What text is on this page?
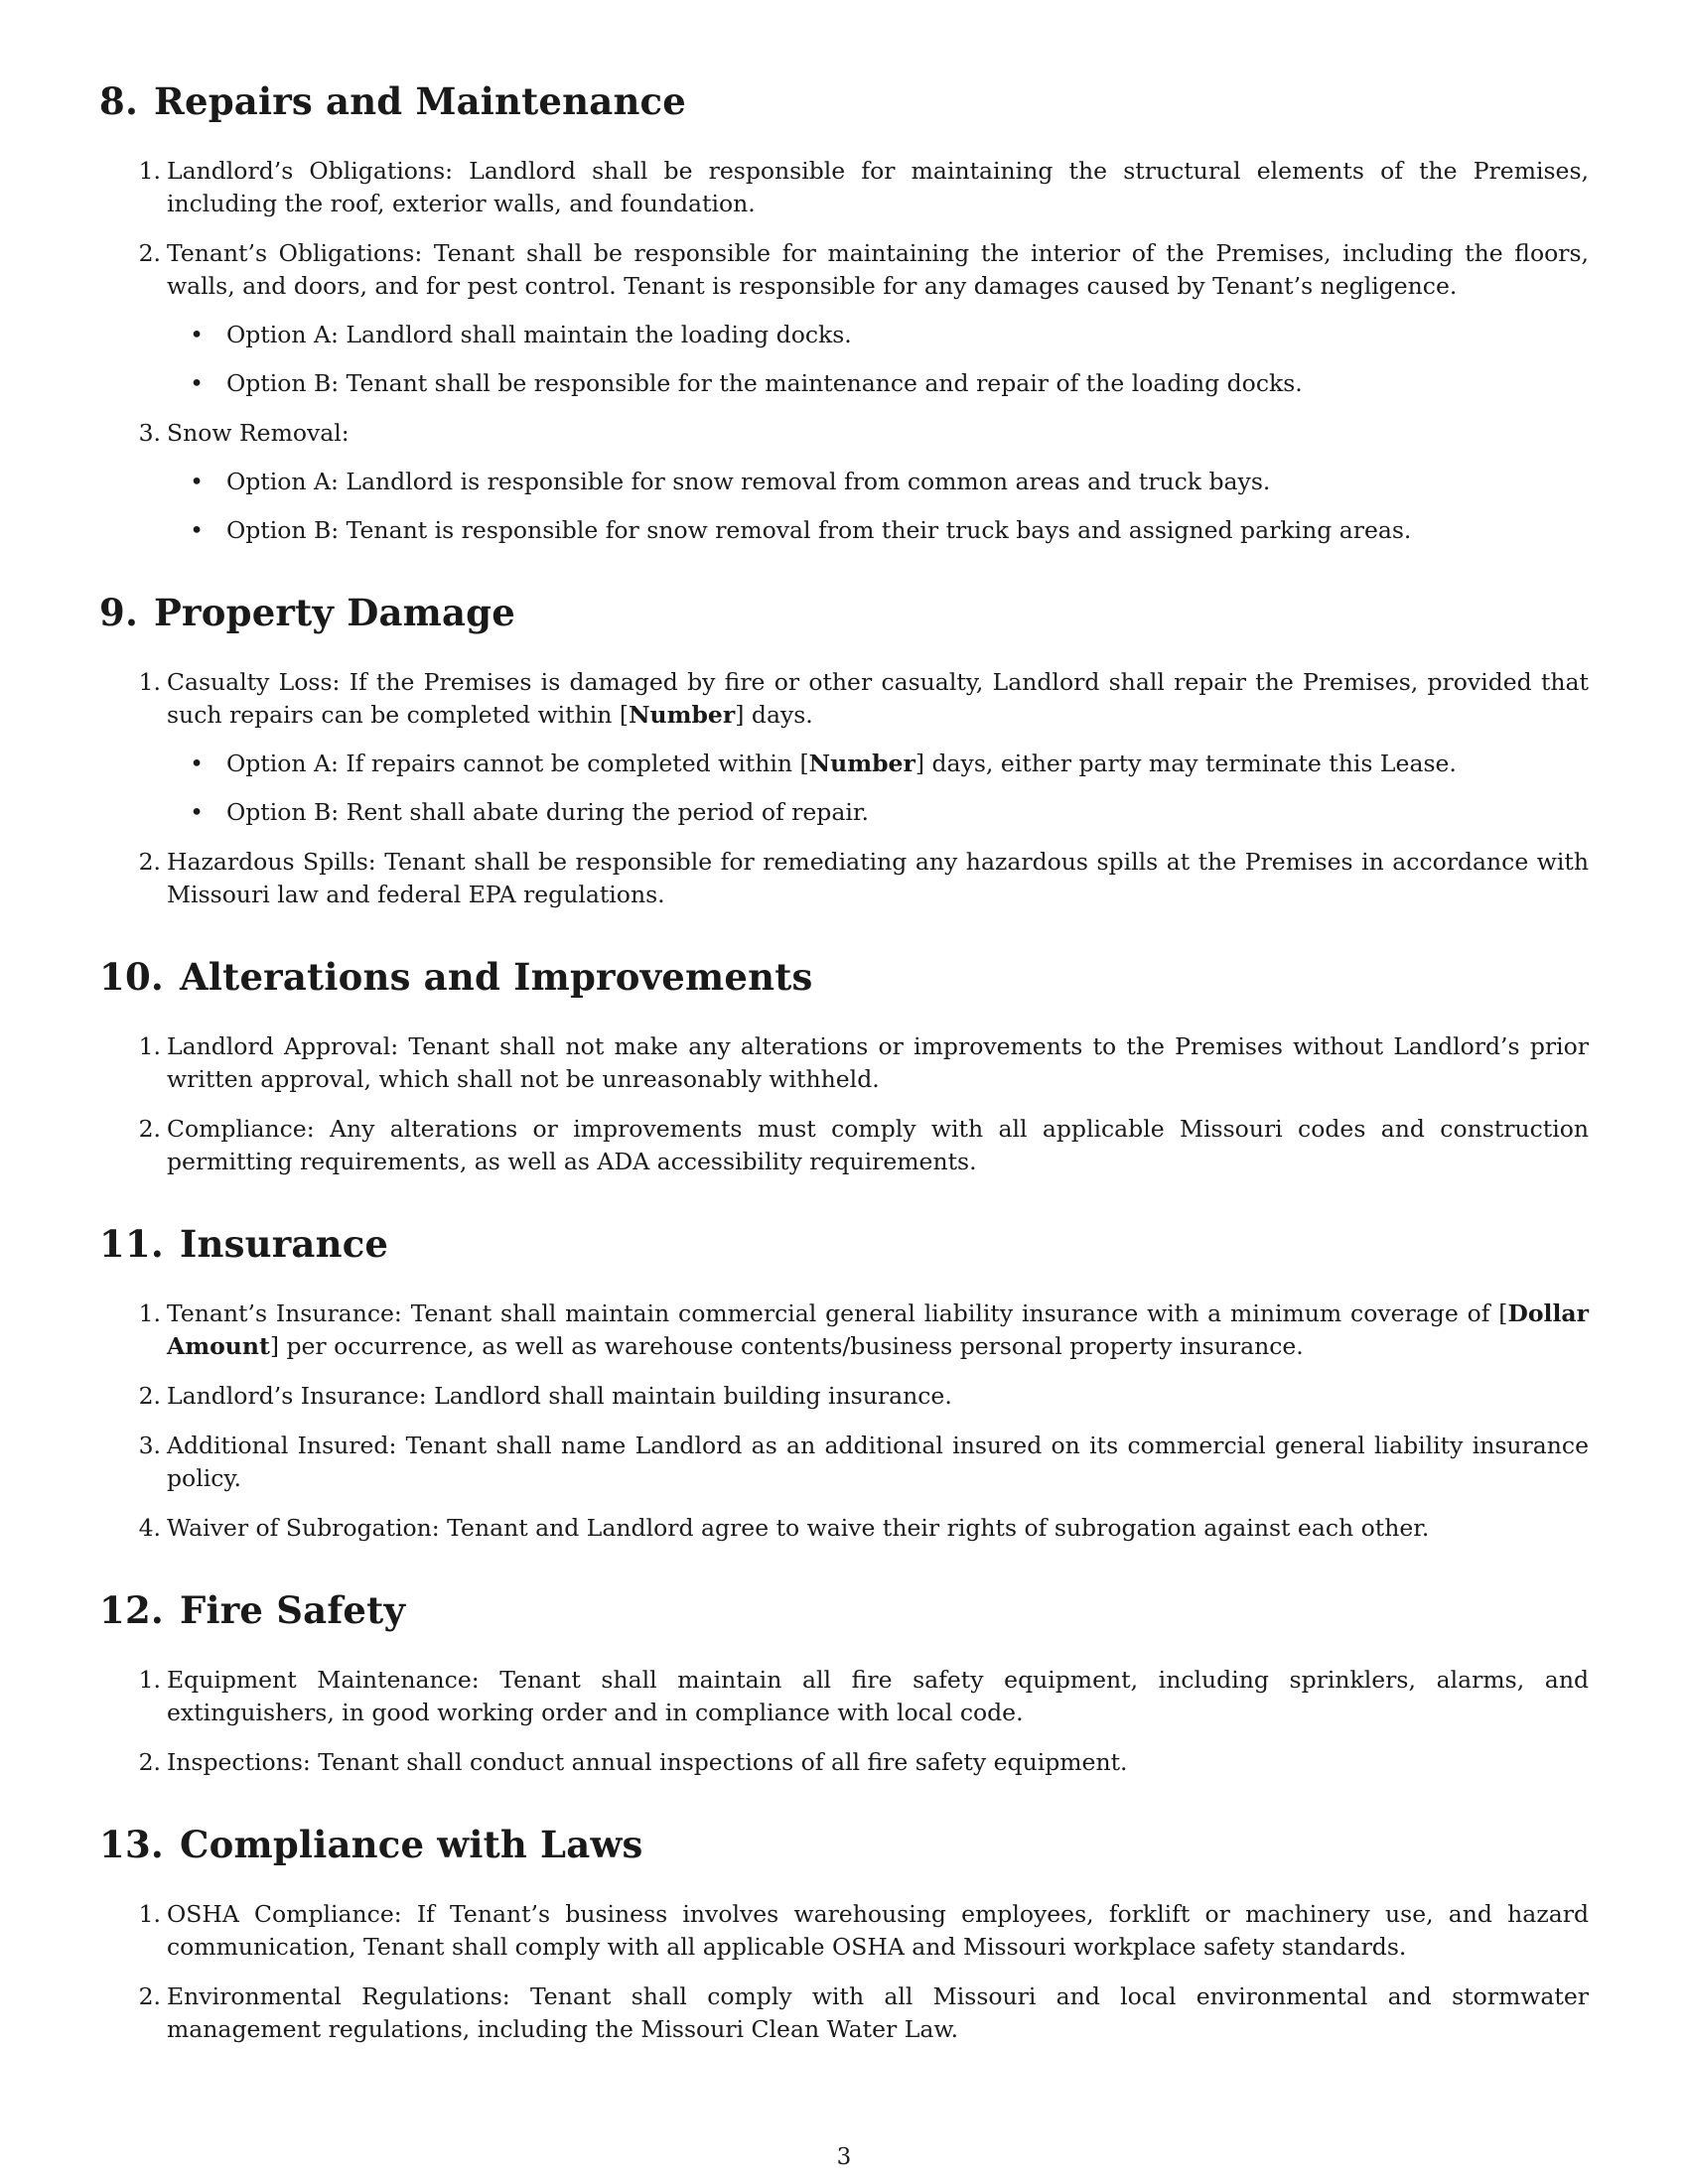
8. Repairs and Maintenance
1. Landlord’s Obligations: Landlord shall be responsible for maintaining the structural elements of the Premises, including the roof, exterior walls, and foundation.
2. Tenant’s Obligations: Tenant shall be responsible for maintaining the interior of the Premises, including the floors, walls, and doors, and for pest control. Tenant is responsible for any damages caused by Tenant’s negligence.
• Option A: Landlord shall maintain the loading docks.
• Option B: Tenant shall be responsible for the maintenance and repair of the loading docks.
3. Snow Removal:
• Option A: Landlord is responsible for snow removal from common areas and truck bays.
• Option B: Tenant is responsible for snow removal from their truck bays and assigned parking areas.
9. Property Damage
1. Casualty Loss: If the Premises is damaged by fire or other casualty, Landlord shall repair the Premises, provided that such repairs can be completed within [Number] days.
• Option A: If repairs cannot be completed within [Number] days, either party may terminate this Lease.
• Option B: Rent shall abate during the period of repair.
2. Hazardous Spills: Tenant shall be responsible for remediating any hazardous spills at the Premises in accordance with Missouri law and federal EPA regulations.
10. Alterations and Improvements
1. Landlord Approval: Tenant shall not make any alterations or improvements to the Premises without Landlord’s prior written approval, which shall not be unreasonably withheld.
2. Compliance: Any alterations or improvements must comply with all applicable Missouri codes and construction permitting requirements, as well as ADA accessibility requirements.
11. Insurance
1. Tenant’s Insurance: Tenant shall maintain commercial general liability insurance with a minimum coverage of [Dollar Amount] per occurrence, as well as warehouse contents/business personal property insurance.
2. Landlord’s Insurance: Landlord shall maintain building insurance.
3. Additional Insured: Tenant shall name Landlord as an additional insured on its commercial general liability insurance policy.
4. Waiver of Subrogation: Tenant and Landlord agree to waive their rights of subrogation against each other.
12. Fire Safety
1. Equipment Maintenance: Tenant shall maintain all fire safety equipment, including sprinklers, alarms, and extinguishers, in good working order and in compliance with local code.
2. Inspections: Tenant shall conduct annual inspections of all fire safety equipment.
13. Compliance with Laws
1. OSHA Compliance: If Tenant’s business involves warehousing employees, forklift or machinery use, and hazard communication, Tenant shall comply with all applicable OSHA and Missouri workplace safety standards.
2. Environmental Regulations: Tenant shall comply with all Missouri and local environmental and stormwater management regulations, including the Missouri Clean Water Law.
3
